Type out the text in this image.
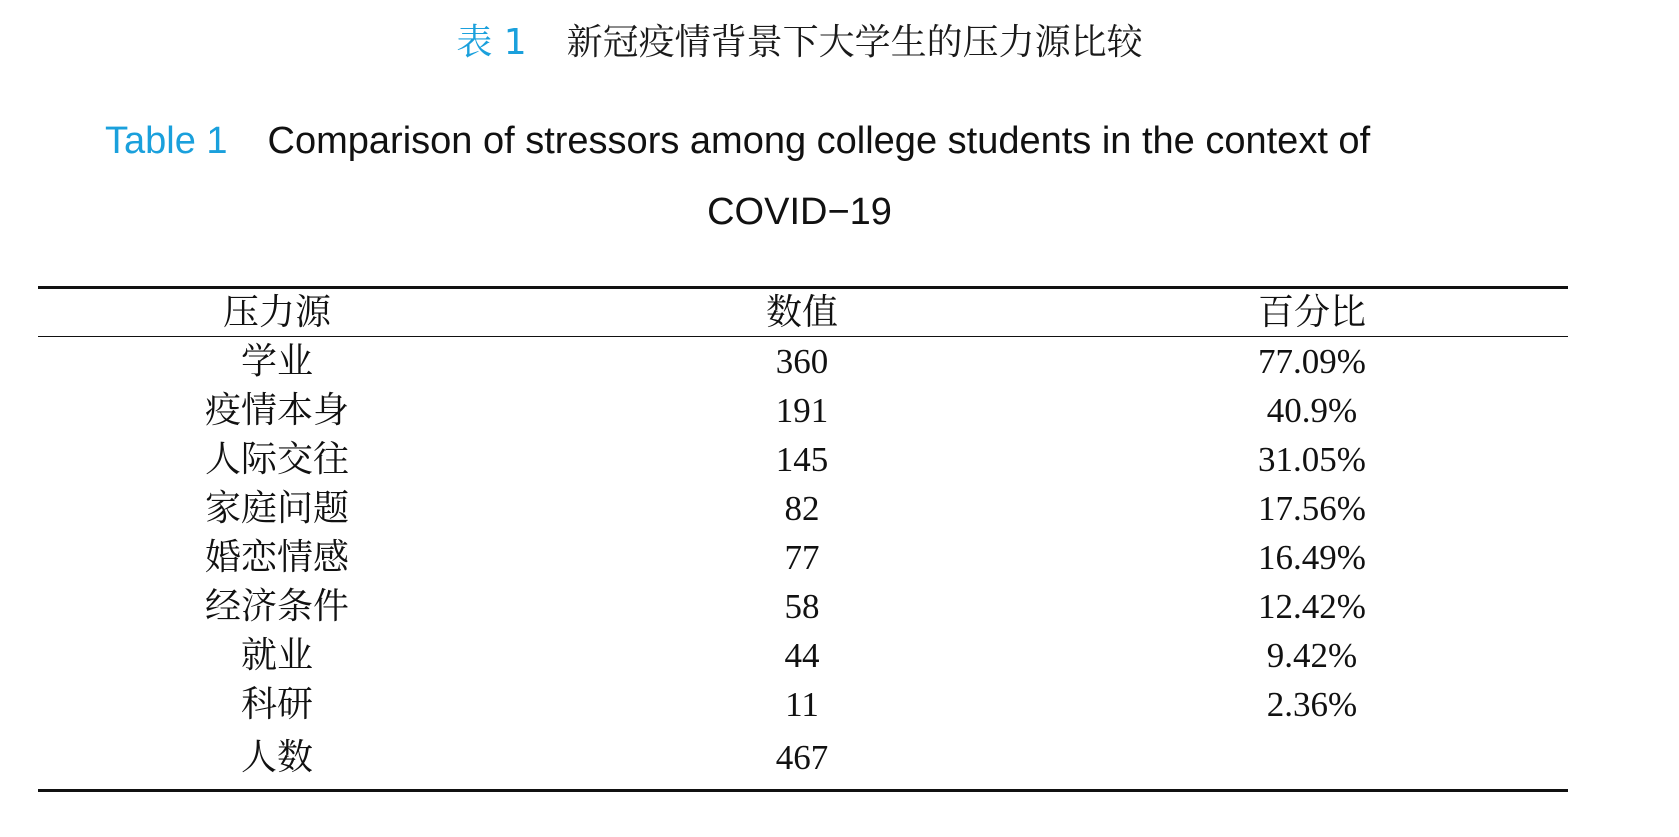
表 1 新冠疫情背景下大学生的压力源比较
Table 1 Comparison of stressors among college students in the context of
COVID−19
压力源	数值	百分比
学业	360	77.09%
疫情本身	191	40.9%
人际交往	145	31.05%
家庭问题	82	17.56%
婚恋情感	77	16.49%
经济条件	58	12.42%
就业	44	9.42%
科研	11	2.36%
人数	467
